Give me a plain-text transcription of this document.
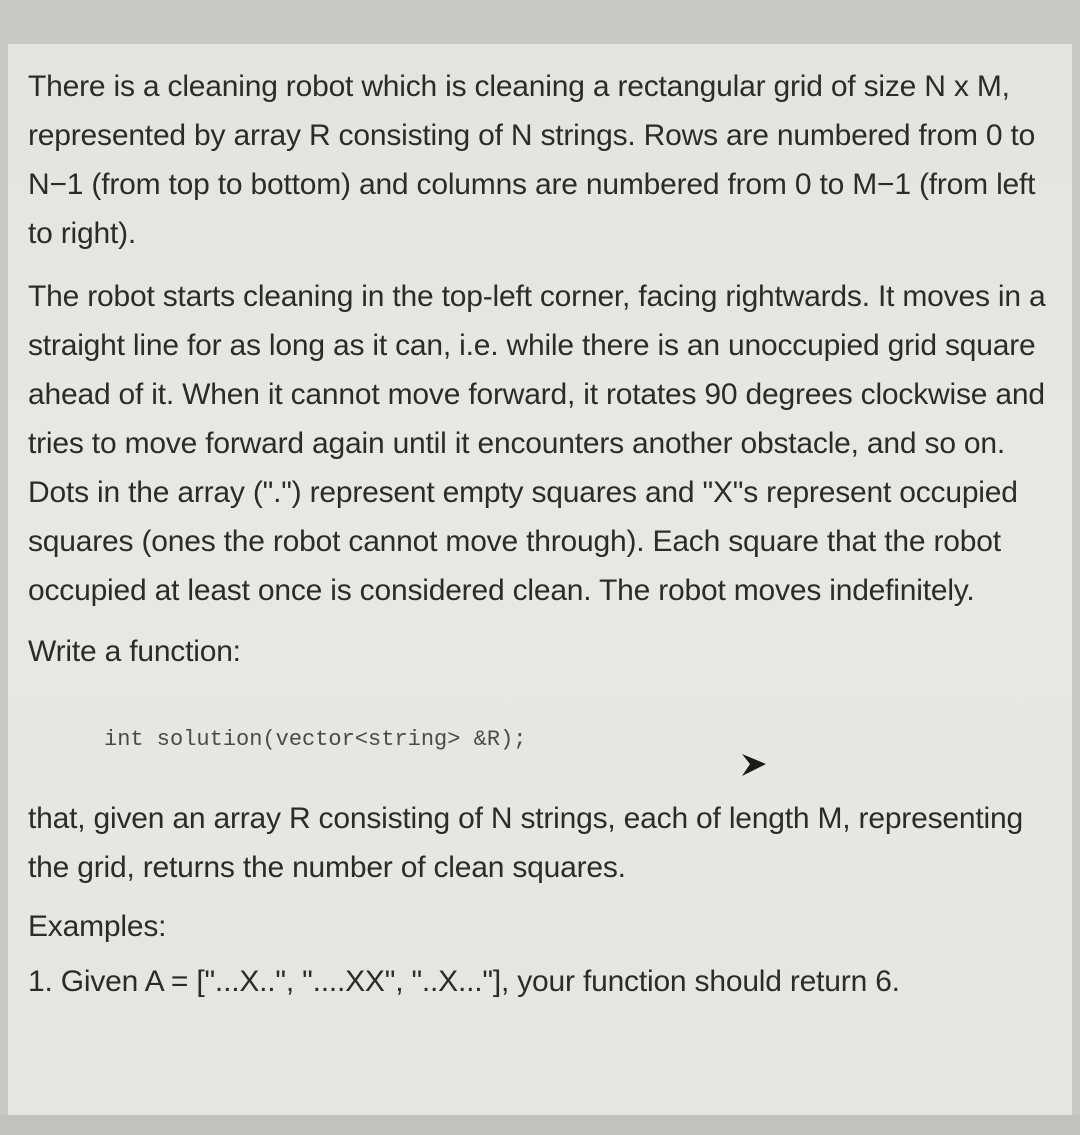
There is a cleaning robot which is cleaning a rectangular grid of size N x M, represented by array R consisting of N strings. Rows are numbered from 0 to N−1 (from top to bottom) and columns are numbered from 0 to M−1 (from left to right).

The robot starts cleaning in the top-left corner, facing rightwards. It moves in a straight line for as long as it can, i.e. while there is an unoccupied grid square ahead of it. When it cannot move forward, it rotates 90 degrees clockwise and tries to move forward again until it encounters another obstacle, and so on. Dots in the array (".") represent empty squares and "X"s represent occupied squares (ones the robot cannot move through). Each square that the robot occupied at least once is considered clean. The robot moves indefinitely.

Write a function:

int solution(vector<string> &R);

that, given an array R consisting of N strings, each of length M, representing the grid, returns the number of clean squares.

Examples:

1. Given A = ["...X..", "....XX", "..X..."], your function should return 6.
